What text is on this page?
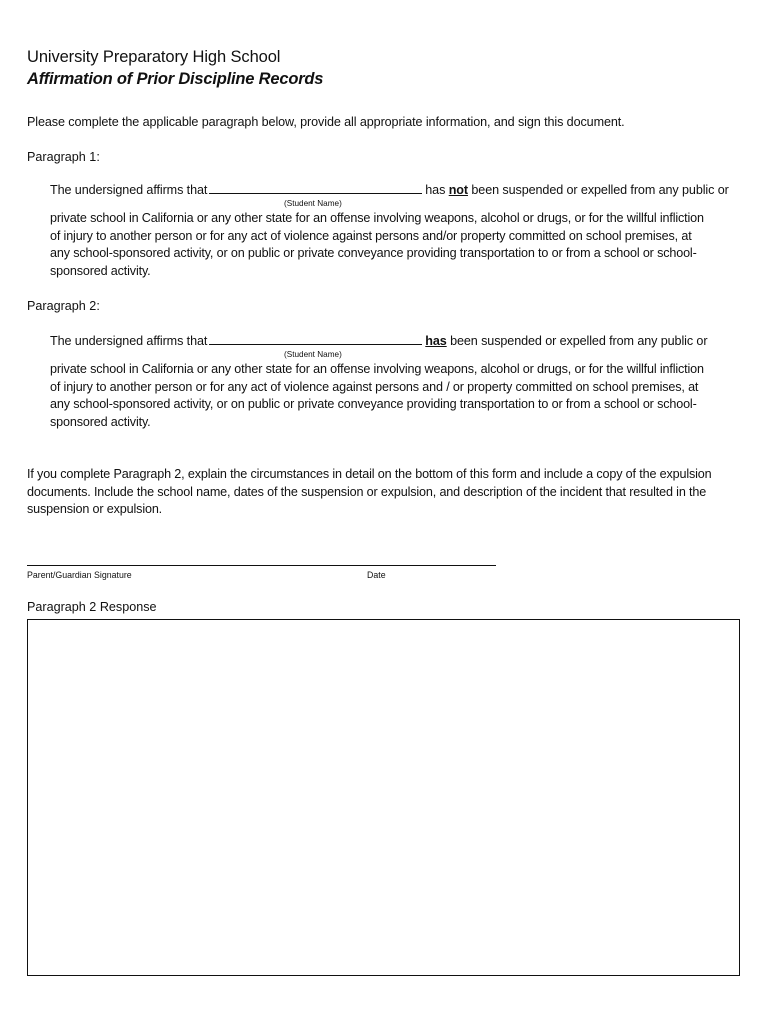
University Preparatory High School
Affirmation of Prior Discipline Records
Please complete the applicable paragraph below, provide all appropriate information, and sign this document.
Paragraph 1:
The undersigned affirms that	has not been suspended or expelled from any public or
(Student Name)
private school in California or any other state for an offense involving weapons, alcohol or drugs, or for the willful infliction
of injury to another person or for any act of violence against persons and/or property committed on school premises, at
any school-sponsored activity, or on public or private conveyance providing transportation to or from a school or school-
sponsored activity.
Paragraph 2:
The undersigned affirms that	has been suspended or expelled from any public or
(Student Name)
private school in California or any other state for an offense involving weapons, alcohol or drugs, or for the willful infliction
of injury to another person or for any act of violence against persons and / or property committed on school premises, at
any school-sponsored activity, or on public or private conveyance providing transportation to or from a school or school-
sponsored activity.
If you complete Paragraph 2, explain the circumstances in detail on the bottom of this form and include a copy of the expulsion
documents. Include the school name, dates of the suspension or expulsion, and description of the incident that resulted in the
suspension or expulsion.
Parent/Guardian Signature	Date
Paragraph 2 Response
